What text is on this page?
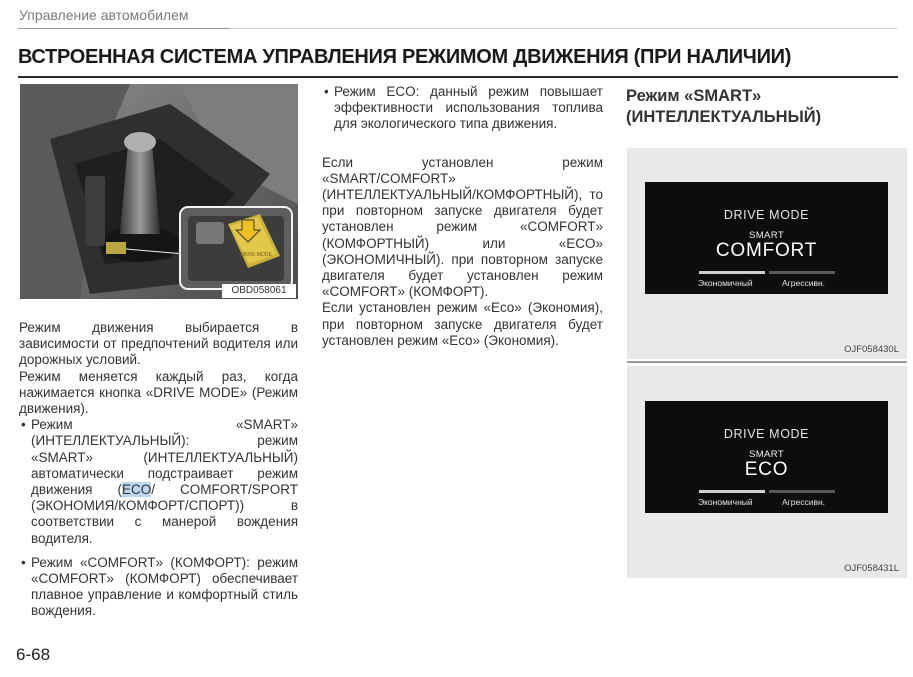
Управление автомобилем
ВСТРОЕННАЯ СИСТЕМА УПРАВЛЕНИЯ РЕЖИМОМ ДВИЖЕНИЯ (ПРИ НАЛИЧИИ)
DRIVE MODE
OBD058061

Режим движения выбирается в зависимости от предпочтений водителя или дорожных условий.

Режим меняется каждый раз, когда нажимается кнопка «DRIVE MODE» (Режим движения).

• Режим «SMART» (ИНТЕЛЛЕКТУАЛЬНЫЙ): режим «SMART» (ИНТЕЛЛЕКТУАЛЬНЫЙ) автоматически подстраивает режим движения (ECO/ COMFORT/SPORT (ЭКОНОМИЯ/КОМФОРТ/СПОРТ)) в соответствии с манерой вождения водителя.

• Режим «COMFORT» (КОМФОРТ): режим «COMFORT» (КОМФОРТ) обеспечивает плавное управление и комфортный стиль вождения.

• Режим ECO: данный режим повышает эффективности использования топлива для экологического типа движения.

Если установлен режим «SMART/COMFORT» (ИНТЕЛЛЕКТУАЛЬНЫЙ/КОМФОРТНЫЙ), то при повторном запуске двигателя будет установлен режим «COMFORT» (КОМФОРТНЫЙ) или «ECO» (ЭКОНОМИЧНЫЙ). при повторном запуске двигателя будет установлен режим «COMFORT» (КОМФОРТ).

Если установлен режим «Eco» (Экономия), при повторном запуске двигателя будет установлен режим «Eco» (Экономия).

Режим «SMART»
(ИНТЕЛЛЕКТУАЛЬНЫЙ)
DRIVE MODE
SMART
COMFORT
Экономичный	Агрессивн.
OJF058430L
DRIVE MODE
SMART
ECO
Экономичный	Агрессивн.
OJF058431L
6-68
